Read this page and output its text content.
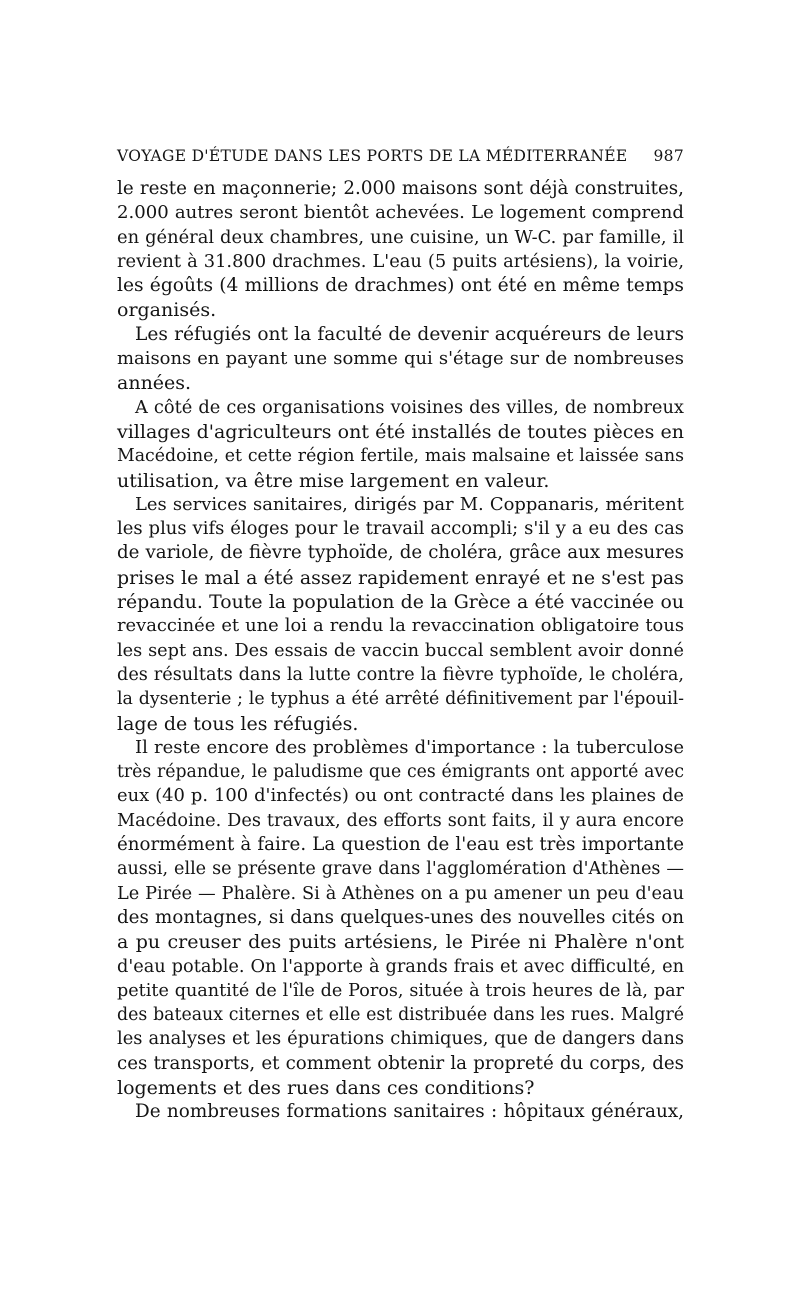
VOYAGE D'ÉTUDE DANS LES PORTS DE LA MÉDITERRANÉE 987
le reste en maçonnerie; 2.000 maisons sont déjà construites,
2.000 autres seront bientôt achevées. Le logement comprend
en général deux chambres, une cuisine, un W-C. par famille, il
revient à 31.800 drachmes. L'eau (5 puits artésiens), la voirie,
les égoûts (4 millions de drachmes) ont été en même temps
organisés.
Les réfugiés ont la faculté de devenir acquéreurs de leurs
maisons en payant une somme qui s'étage sur de nombreuses
années.
A côté de ces organisations voisines des villes, de nombreux
villages d'agriculteurs ont été installés de toutes pièces en
Macédoine, et cette région fertile, mais malsaine et laissée sans
utilisation, va être mise largement en valeur.
Les services sanitaires, dirigés par M. Coppanaris, méritent
les plus vifs éloges pour le travail accompli; s'il y a eu des cas
de variole, de fièvre typhoïde, de choléra, grâce aux mesures
prises le mal a été assez rapidement enrayé et ne s'est pas
répandu. Toute la population de la Grèce a été vaccinée ou
revaccinée et une loi a rendu la revaccination obligatoire tous
les sept ans. Des essais de vaccin buccal semblent avoir donné
des résultats dans la lutte contre la fièvre typhoïde, le choléra,
la dysenterie ; le typhus a été arrêté définitivement par l'épouil-
lage de tous les réfugiés.
Il reste encore des problèmes d'importance : la tuberculose
très répandue, le paludisme que ces émigrants ont apporté avec
eux (40 p. 100 d'infectés) ou ont contracté dans les plaines de
Macédoine. Des travaux, des efforts sont faits, il y aura encore
énormément à faire. La question de l'eau est très importante
aussi, elle se présente grave dans l'agglomération d'Athènes —
Le Pirée — Phalère. Si à Athènes on a pu amener un peu d'eau
des montagnes, si dans quelques-unes des nouvelles cités on
a pu creuser des puits artésiens, le Pirée ni Phalère n'ont
d'eau potable. On l'apporte à grands frais et avec difficulté, en
petite quantité de l'île de Poros, située à trois heures de là, par
des bateaux citernes et elle est distribuée dans les rues. Malgré
les analyses et les épurations chimiques, que de dangers dans
ces transports, et comment obtenir la propreté du corps, des
logements et des rues dans ces conditions?
De nombreuses formations sanitaires : hôpitaux généraux,
